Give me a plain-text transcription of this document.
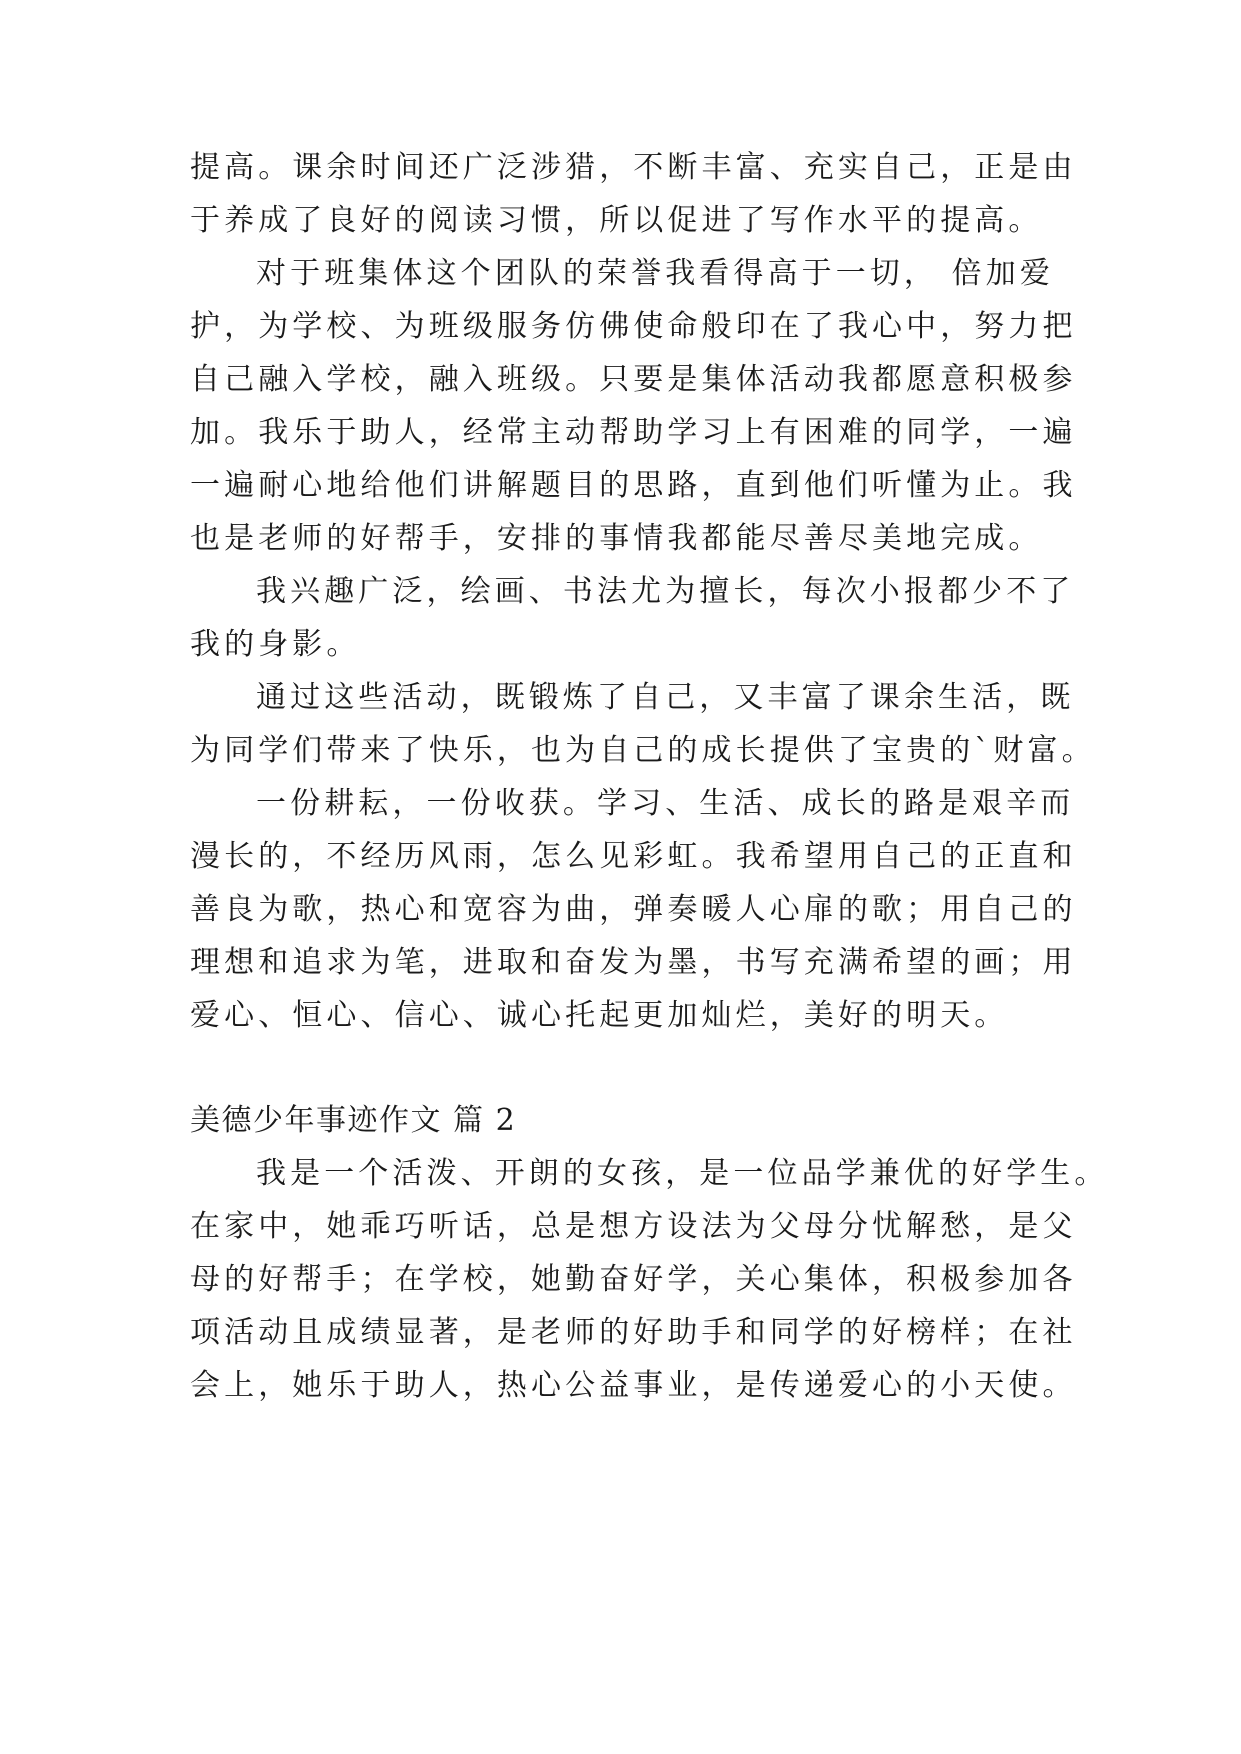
提高。课余时间还广泛涉猎，不断丰富、充实自己，正是由
于养成了良好的阅读习惯，所以促进了写作水平的提高。
对于班集体这个团队的荣誉我看得高于一切， 倍加爱
护，为学校、为班级服务仿佛使命般印在了我心中，努力把
自己融入学校，融入班级。只要是集体活动我都愿意积极参
加。我乐于助人，经常主动帮助学习上有困难的同学，一遍
一遍耐心地给他们讲解题目的思路，直到他们听懂为止。我
也是老师的好帮手，安排的事情我都能尽善尽美地完成。
我兴趣广泛，绘画、书法尤为擅长，每次小报都少不了
我的身影。
通过这些活动，既锻炼了自己，又丰富了课余生活，既
为同学们带来了快乐，也为自己的成长提供了宝贵的`财富。
一份耕耘，一份收获。学习、生活、成长的路是艰辛而
漫长的，不经历风雨，怎么见彩虹。我希望用自己的正直和
善良为歌，热心和宽容为曲，弹奏暖人心扉的歌；用自己的
理想和追求为笔，进取和奋发为墨，书写充满希望的画；用
爱心、恒心、信心、诚心托起更加灿烂，美好的明天。
美德少年事迹作文 篇 2
我是一个活泼、开朗的女孩，是一位品学兼优的好学生。
在家中，她乖巧听话，总是想方设法为父母分忧解愁，是父
母的好帮手；在学校，她勤奋好学，关心集体，积极参加各
项活动且成绩显著，是老师的好助手和同学的好榜样；在社
会上，她乐于助人，热心公益事业，是传递爱心的小天使。
